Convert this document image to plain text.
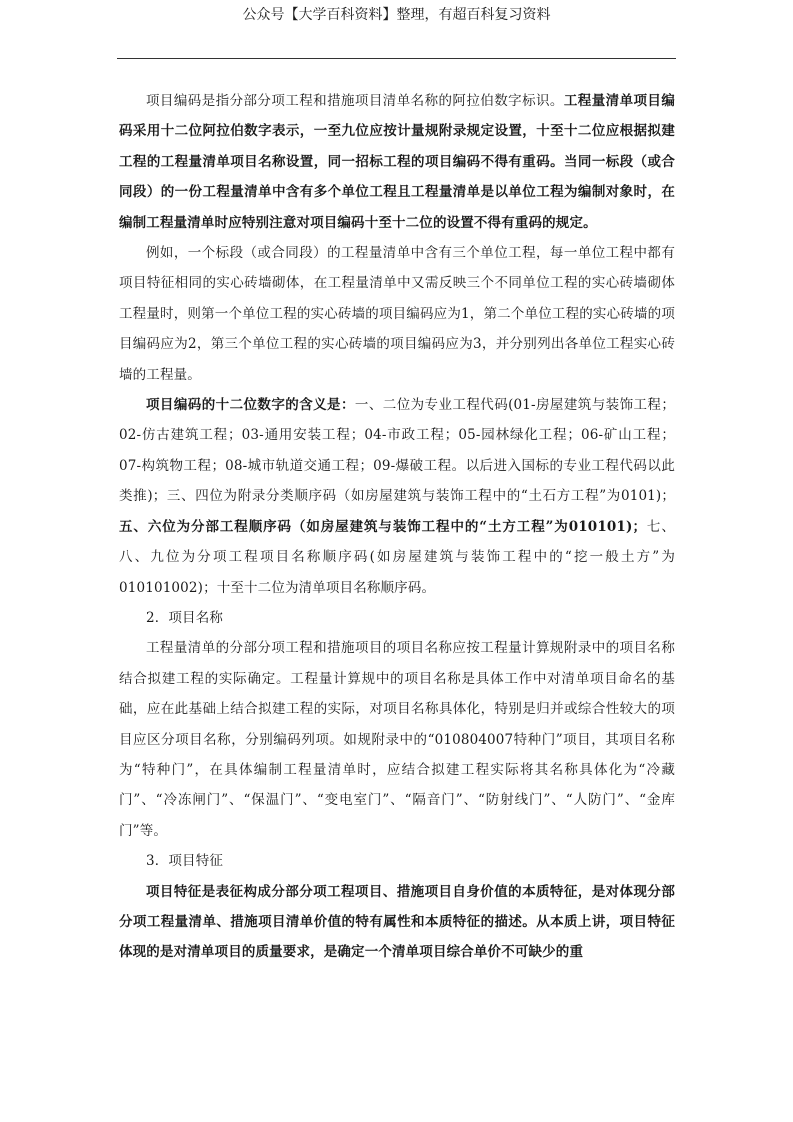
公众号【大学百科资料】整理，有超百科复习资料

项目编码是指分部分项工程和措施项目清单名称的阿拉伯数字标识。工程量清单项目编码采用十二位阿拉伯数字表示，一至九位应按计量规附录规定设置，十至十二位应根据拟建工程的工程量清单项目名称设置，同一招标工程的项目编码不得有重码。当同一标段（或合同段）的一份工程量清单中含有多个单位工程且工程量清单是以单位工程为编制对象时，在编制工程量清单时应特别注意对项目编码十至十二位的设置不得有重码的规定。

例如，一个标段（或合同段）的工程量清单中含有三个单位工程，每一单位工程中都有项目特征相同的实心砖墙砌体，在工程量清单中又需反映三个不同单位工程的实心砖墙砌体工程量时，则第一个单位工程的实心砖墙的项目编码应为1，第二个单位工程的实心砖墙的项目编码应为2，第三个单位工程的实心砖墙的项目编码应为3，并分别列出各单位工程实心砖墙的工程量。

项目编码的十二位数字的含义是：一、二位为专业工程代码(01-房屋建筑与装饰工程；02-仿古建筑工程；03-通用安装工程；04-市政工程；05-园林绿化工程；06-矿山工程；07-构筑物工程；08-城市轨道交通工程；09-爆破工程。以后进入国标的专业工程代码以此类推)；三、四位为附录分类顺序码（如房屋建筑与装饰工程中的“土石方工程”为0101)；五、六位为分部工程顺序码（如房屋建筑与装饰工程中的“土方工程”为010101)；七、八、九位为分项工程项目名称顺序码(如房屋建筑与装饰工程中的“挖一般土方”为010101002)；十至十二位为清单项目名称顺序码。

2．项目名称

工程量清单的分部分项工程和措施项目的项目名称应按工程量计算规附录中的项目名称结合拟建工程的实际确定。工程量计算规中的项目名称是具体工作中对清单项目命名的基础，应在此基础上结合拟建工程的实际，对项目名称具体化，特别是归并或综合性较大的项目应区分项目名称，分别编码列项。如规附录中的“010804007特种门”项目，其项目名称为“特种门”，在具体编制工程量清单时，应结合拟建工程实际将其名称具体化为“冷藏门”、“冷冻闸门”、“保温门”、“变电室门”、“隔音门”、“防射线门”、“人防门”、“金库门”等。

3．项目特征

项目特征是表征构成分部分项工程项目、措施项目自身价值的本质特征，是对体现分部分项工程量清单、措施项目清单价值的特有属性和本质特征的描述。从本质上讲，项目特征体现的是对清单项目的质量要求，是确定一个清单项目综合单价不可缺少的重
